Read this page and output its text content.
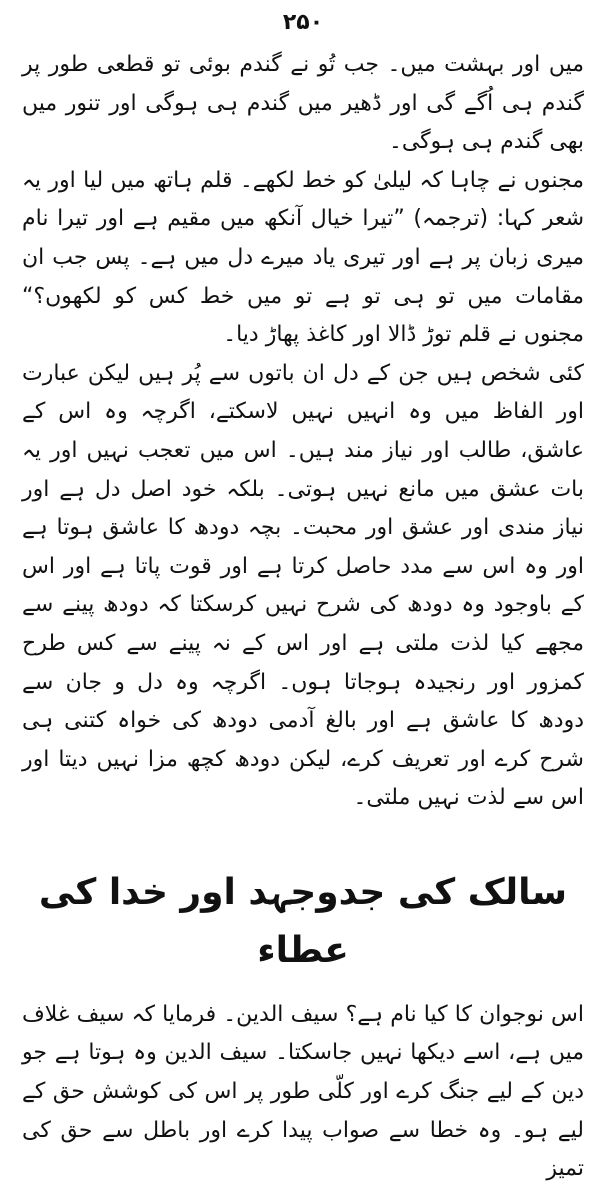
۲۵۰

میں اور بہشت میں۔ جب تُو نے گندم بوئی تو قطعی طور پر گندم ہی اُگے گی اور ڈھیر میں گندم ہی ہوگی اور تنور میں بھی گندم ہی ہوگی۔

مجنوں نے چاہا کہ لیلیٰ کو خط لکھے۔ قلم ہاتھ میں لیا اور یہ شعر کہا: (ترجمہ) ”تیرا خیال آنکھ میں مقیم ہے اور تیرا نام میری زبان پر ہے اور تیری یاد میرے دل میں ہے۔ پس جب ان مقامات میں تو ہی تو ہے تو میں خط کس کو لکھوں؟“ مجنوں نے قلم توڑ ڈالا اور کاغذ پھاڑ دیا۔

کئی شخص ہیں جن کے دل ان باتوں سے پُر ہیں لیکن عبارت اور الفاظ میں وہ انہیں نہیں لاسکتے، اگرچہ وہ اس کے عاشق، طالب اور نیاز مند ہیں۔ اس میں تعجب نہیں اور یہ بات عشق میں مانع نہیں ہوتی۔ بلکہ خود اصل دل ہے اور نیاز مندی اور عشق اور محبت۔ بچہ دودھ کا عاشق ہوتا ہے اور وہ اس سے مدد حاصل کرتا ہے اور قوت پاتا ہے اور اس کے باوجود وہ دودھ کی شرح نہیں کرسکتا کہ دودھ پینے سے مجھے کیا لذت ملتی ہے اور اس کے نہ پینے سے کس طرح کمزور اور رنجیدہ ہوجاتا ہوں۔ اگرچہ وہ دل و جان سے دودھ کا عاشق ہے اور بالغ آدمی دودھ کی خواہ کتنی ہی شرح کرے اور تعریف کرے، لیکن دودھ کچھ مزا نہیں دیتا اور اس سے لذت نہیں ملتی۔

سالک کی جدوجہد اور خدا کی عطاء

اس نوجوان کا کیا نام ہے؟ سیف الدین۔ فرمایا کہ سیف غلاف میں ہے، اسے دیکھا نہیں جاسکتا۔ سیف الدین وہ ہوتا ہے جو دین کے لیے جنگ کرے اور کلّی طور پر اس کی کوشش حق کے لیے ہو۔ وہ خطا سے صواب پیدا کرے اور باطل سے حق کی تمیز
